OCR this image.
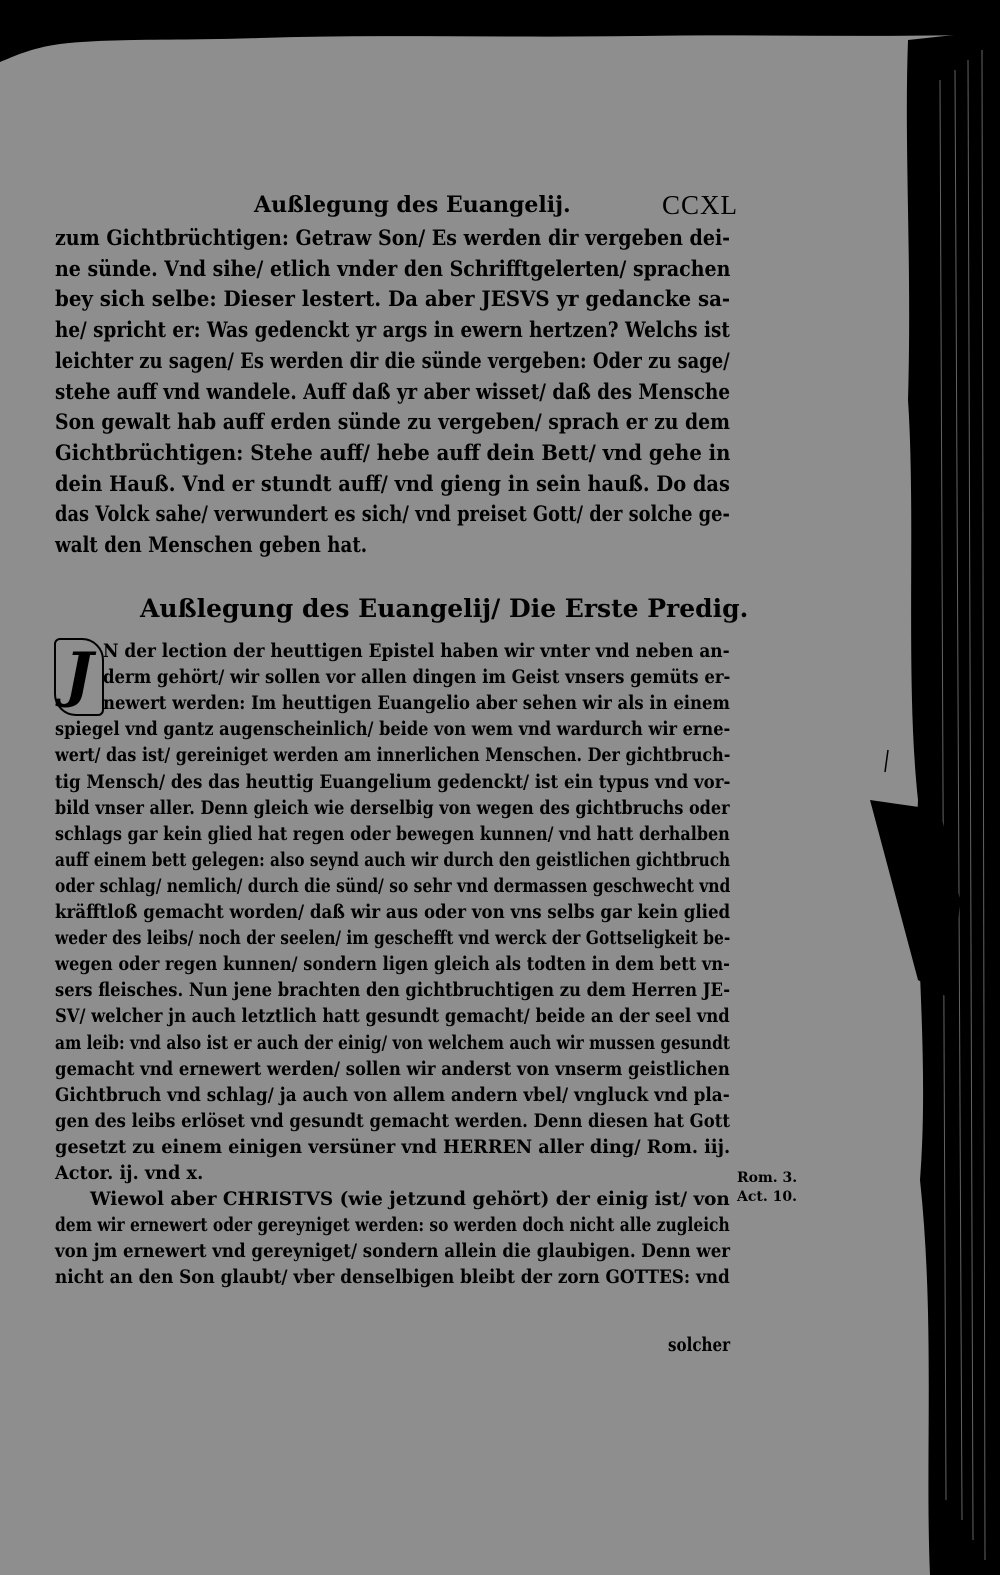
Außlegung des Euangelij.	CCXL
zum Gichtbrüchtigen: Getraw Son/ Es werden dir vergeben dei-
ne sünde. Vnd sihe/ etlich vnder den Schrifftgelerten/ sprachen
bey sich selbe: Dieser lestert. Da aber JESVS yr gedancke sa-
he/ spricht er: Was gedenckt yr args in ewern hertzen? Welchs ist
leichter zu sagen/ Es werden dir die sünde vergeben: Oder zu sage/
stehe auff vnd wandele. Auff daß yr aber wisset/ daß des Mensche
Son gewalt hab auff erden sünde zu vergeben/ sprach er zu dem
Gichtbrüchtigen: Stehe auff/ hebe auff dein Bett/ vnd gehe in
dein Hauß. Vnd er stundt auff/ vnd gieng in sein hauß. Do das
das Volck sahe/ verwundert es sich/ vnd preiset Gott/ der solche ge-
walt den Menschen geben hat.
Außlegung des Euangelij/ Die Erste Predig.
J N der lection der heuttigen Epistel haben wir vnter vnd neben an-
derm gehört/ wir sollen vor allen dingen im Geist vnsers gemüts er-
newert werden: Im heuttigen Euangelio aber sehen wir als in einem
spiegel vnd gantz augenscheinlich/ beide von wem vnd wardurch wir erne-
wert/ das ist/ gereiniget werden am innerlichen Menschen. Der gichtbruch-
tig Mensch/ des das heuttig Euangelium gedenckt/ ist ein typus vnd vor-
bild vnser aller. Denn gleich wie derselbig von wegen des gichtbruchs oder
schlags gar kein glied hat regen oder bewegen kunnen/ vnd hatt derhalben
auff einem bett gelegen: also seynd auch wir durch den geistlichen gichtbruch
oder schlag/ nemlich/ durch die sünd/ so sehr vnd dermassen geschwecht vnd
kräfftloß gemacht worden/ daß wir aus oder von vns selbs gar kein glied
weder des leibs/ noch der seelen/ im geschefft vnd werck der Gottseligkeit be-
wegen oder regen kunnen/ sondern ligen gleich als todten in dem bett vn-
sers fleisches. Nun jene brachten den gichtbruchtigen zu dem Herren JE-
SV/ welcher jn auch letztlich hatt gesundt gemacht/ beide an der seel vnd
am leib: vnd also ist er auch der einig/ von welchem auch wir mussen gesundt
gemacht vnd ernewert werden/ sollen wir anderst von vnserm geistlichen
Gichtbruch vnd schlag/ ja auch von allem andern vbel/ vngluck vnd pla-
gen des leibs erlöset vnd gesundt gemacht werden. Denn diesen hat Gott
gesetzt zu einem einigen versüner vnd HERREN aller ding/ Rom. iij.
Actor. ij. vnd x.
Wiewol aber CHRISTVS (wie jetzund gehört) der einig ist/ von
dem wir ernewert oder gereyniget werden: so werden doch nicht alle zugleich
von jm ernewert vnd gereyniget/ sondern allein die glaubigen. Denn wer
nicht an den Son glaubt/ vber denselbigen bleibt der zorn GOTTES: vnd
solcher
Rom. 3.
Act. 10.
